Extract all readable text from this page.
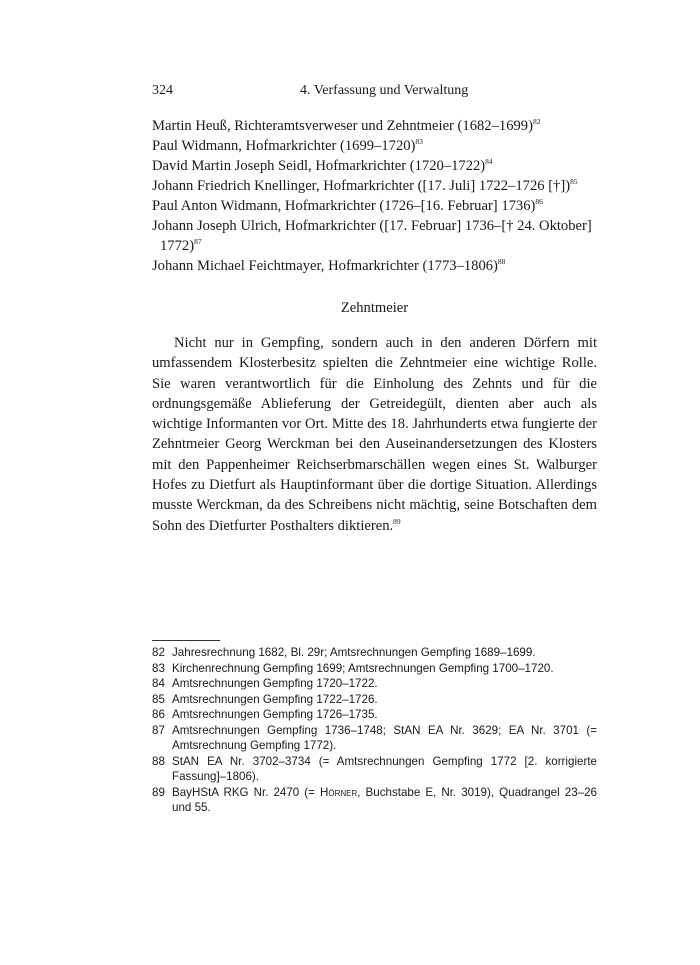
324	4. Verfassung und Verwaltung
Martin Heuß, Richteramtsverweser und Zehntmeier (1682–1699)$^{82}$
Paul Widmann, Hofmarkrichter (1699–1720)$^{83}$
David Martin Joseph Seidl, Hofmarkrichter (1720–1722)$^{84}$
Johann Friedrich Knellinger, Hofmarkrichter ([17. Juli] 1722–1726 [†])$^{85}$
Paul Anton Widmann, Hofmarkrichter (1726–[16. Februar] 1736)$^{86}$
Johann Joseph Ulrich, Hofmarkrichter ([17. Februar] 1736–[† 24. Oktober] 1772)$^{87}$
Johann Michael Feichtmayer, Hofmarkrichter (1773–1806)$^{88}$
Zehntmeier

Nicht nur in Gempfing, sondern auch in den anderen Dörfern mit umfassendem Klosterbesitz spielten die Zehntmeier eine wichtige Rolle. Sie waren verantwortlich für die Einholung des Zehnts und für die ordnungsgemäße Ablieferung der Getreidegült, dienten aber auch als wichtige Informanten vor Ort. Mitte des 18. Jahrhunderts etwa fungierte der Zehntmeier Georg Werckman bei den Auseinandersetzungen des Klosters mit den Pappenheimer Reichserbmarschällen wegen eines St. Walburger Hofes zu Dietfurt als Hauptinformant über die dortige Situation. Allerdings musste Werckman, da des Schreibens nicht mächtig, seine Botschaften dem Sohn des Dietfurter Posthalters diktieren.$^{89}$

82 Jahresrechnung 1682, Bl. 29r; Amtsrechnungen Gempfing 1689–1699.
83 Kirchenrechnung Gempfing 1699; Amtsrechnungen Gempfing 1700–1720.
84 Amtsrechnungen Gempfing 1720–1722.
85 Amtsrechnungen Gempfing 1722–1726.
86 Amtsrechnungen Gempfing 1726–1735.
87 Amtsrechnungen Gempfing 1736–1748; StAN EA Nr. 3629; EA Nr. 3701 (= Amtsrechnung Gempfing 1772).
88 StAN EA Nr. 3702–3734 (= Amtsrechnungen Gempfing 1772 [2. korrigierte Fassung]–1806).
89 BayHStA RKG Nr. 2470 (= Hörner, Buchstabe E, Nr. 3019), Quadrangel 23–26 und 55.
